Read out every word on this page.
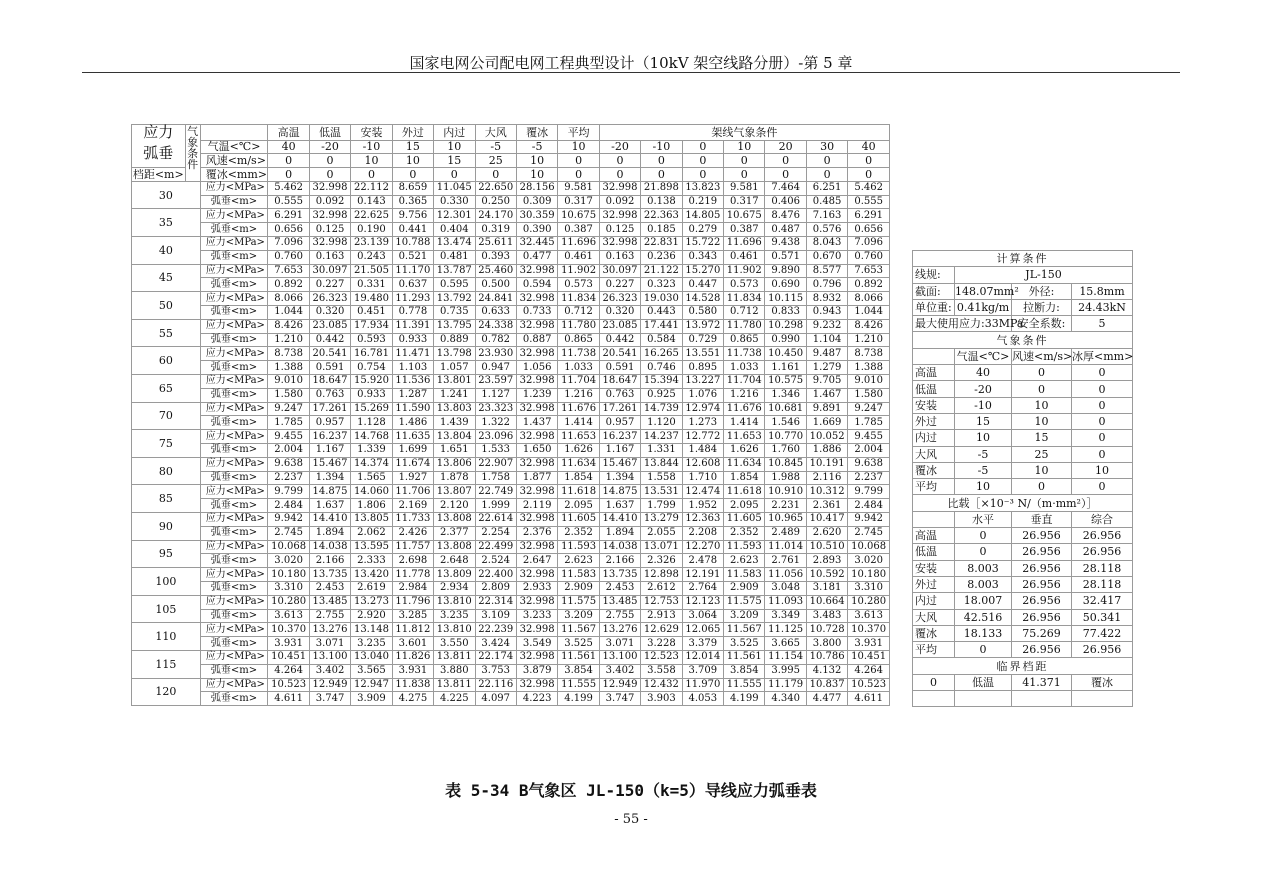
国家电网公司配电网工程典型设计（10kV 架空线路分册）-第 5 章
应力	气象条件		高温	低温	安装	外过	内过	大风	覆冰	平均	架线气象条件						
弧垂		气温<℃>	40	-20	-10	15	10	-5	-5	10	-20	-10	0	10	20	30	40
		风速<m/s>	0	0	10	10	15	25	10	0	0	0	0	0	0	0	0
档距<m>		覆冰<mm>	0	0	0	0	0	0	10	0	0	0	0	0	0	0	0
30		应力<MPa>	5.462	32.998	22.112	8.659	11.045	22.650	28.156	9.581	32.998	21.898	13.823	9.581	7.464	6.251	5.462
		弧垂<m>	0.555	0.092	0.143	0.365	0.330	0.250	0.309	0.317	0.092	0.138	0.219	0.317	0.406	0.485	0.555
35		应力<MPa>	6.291	32.998	22.625	9.756	12.301	24.170	30.359	10.675	32.998	22.363	14.805	10.675	8.476	7.163	6.291
		弧垂<m>	0.656	0.125	0.190	0.441	0.404	0.319	0.390	0.387	0.125	0.185	0.279	0.387	0.487	0.576	0.656
40		应力<MPa>	7.096	32.998	23.139	10.788	13.474	25.611	32.445	11.696	32.998	22.831	15.722	11.696	9.438	8.043	7.096
		弧垂<m>	0.760	0.163	0.243	0.521	0.481	0.393	0.477	0.461	0.163	0.236	0.343	0.461	0.571	0.670	0.760
45		应力<MPa>	7.653	30.097	21.505	11.170	13.787	25.460	32.998	11.902	30.097	21.122	15.270	11.902	9.890	8.577	7.653
		弧垂<m>	0.892	0.227	0.331	0.637	0.595	0.500	0.594	0.573	0.227	0.323	0.447	0.573	0.690	0.796	0.892
50		应力<MPa>	8.066	26.323	19.480	11.293	13.792	24.841	32.998	11.834	26.323	19.030	14.528	11.834	10.115	8.932	8.066
		弧垂<m>	1.044	0.320	0.451	0.778	0.735	0.633	0.733	0.712	0.320	0.443	0.580	0.712	0.833	0.943	1.044
55		应力<MPa>	8.426	23.085	17.934	11.391	13.795	24.338	32.998	11.780	23.085	17.441	13.972	11.780	10.298	9.232	8.426
		弧垂<m>	1.210	0.442	0.593	0.933	0.889	0.782	0.887	0.865	0.442	0.584	0.729	0.865	0.990	1.104	1.210
60		应力<MPa>	8.738	20.541	16.781	11.471	13.798	23.930	32.998	11.738	20.541	16.265	13.551	11.738	10.450	9.487	8.738
		弧垂<m>	1.388	0.591	0.754	1.103	1.057	0.947	1.056	1.033	0.591	0.746	0.895	1.033	1.161	1.279	1.388
65		应力<MPa>	9.010	18.647	15.920	11.536	13.801	23.597	32.998	11.704	18.647	15.394	13.227	11.704	10.575	9.705	9.010
		弧垂<m>	1.580	0.763	0.933	1.287	1.241	1.127	1.239	1.216	0.763	0.925	1.076	1.216	1.346	1.467	1.580
70		应力<MPa>	9.247	17.261	15.269	11.590	13.803	23.323	32.998	11.676	17.261	14.739	12.974	11.676	10.681	9.891	9.247
		弧垂<m>	1.785	0.957	1.128	1.486	1.439	1.322	1.437	1.414	0.957	1.120	1.273	1.414	1.546	1.669	1.785
75		应力<MPa>	9.455	16.237	14.768	11.635	13.804	23.096	32.998	11.653	16.237	14.237	12.772	11.653	10.770	10.052	9.455
		弧垂<m>	2.004	1.167	1.339	1.699	1.651	1.533	1.650	1.626	1.167	1.331	1.484	1.626	1.760	1.886	2.004
80		应力<MPa>	9.638	15.467	14.374	11.674	13.806	22.907	32.998	11.634	15.467	13.844	12.608	11.634	10.845	10.191	9.638
		弧垂<m>	2.237	1.394	1.565	1.927	1.878	1.758	1.877	1.854	1.394	1.558	1.710	1.854	1.988	2.116	2.237
85		应力<MPa>	9.799	14.875	14.060	11.706	13.807	22.749	32.998	11.618	14.875	13.531	12.474	11.618	10.910	10.312	9.799
		弧垂<m>	2.484	1.637	1.806	2.169	2.120	1.999	2.119	2.095	1.637	1.799	1.952	2.095	2.231	2.361	2.484
90		应力<MPa>	9.942	14.410	13.805	11.733	13.808	22.614	32.998	11.605	14.410	13.279	12.363	11.605	10.965	10.417	9.942
		弧垂<m>	2.745	1.894	2.062	2.426	2.377	2.254	2.376	2.352	1.894	2.055	2.208	2.352	2.489	2.620	2.745
95		应力<MPa>	10.068	14.038	13.595	11.757	13.808	22.499	32.998	11.593	14.038	13.071	12.270	11.593	11.014	10.510	10.068
		弧垂<m>	3.020	2.166	2.333	2.698	2.648	2.524	2.647	2.623	2.166	2.326	2.478	2.623	2.761	2.893	3.020
100		应力<MPa>	10.180	13.735	13.420	11.778	13.809	22.400	32.998	11.583	13.735	12.898	12.191	11.583	11.056	10.592	10.180
		弧垂<m>	3.310	2.453	2.619	2.984	2.934	2.809	2.933	2.909	2.453	2.612	2.764	2.909	3.048	3.181	3.310
105		应力<MPa>	10.280	13.485	13.273	11.796	13.810	22.314	32.998	11.575	13.485	12.753	12.123	11.575	11.093	10.664	10.280
		弧垂<m>	3.613	2.755	2.920	3.285	3.235	3.109	3.233	3.209	2.755	2.913	3.064	3.209	3.349	3.483	3.613
110		应力<MPa>	10.370	13.276	13.148	11.812	13.810	22.239	32.998	11.567	13.276	12.629	12.065	11.567	11.125	10.728	10.370
		弧垂<m>	3.931	3.071	3.235	3.601	3.550	3.424	3.549	3.525	3.071	3.228	3.379	3.525	3.665	3.800	3.931
115		应力<MPa>	10.451	13.100	13.040	11.826	13.811	22.174	32.998	11.561	13.100	12.523	12.014	11.561	11.154	10.786	10.451
		弧垂<m>	4.264	3.402	3.565	3.931	3.880	3.753	3.879	3.854	3.402	3.558	3.709	3.854	3.995	4.132	4.264
120		应力<MPa>	10.523	12.949	12.947	11.838	13.811	22.116	32.998	11.555	12.949	12.432	11.970	11.555	11.179	10.837	10.523
		弧垂<m>	4.611	3.747	3.909	4.275	4.225	4.097	4.223	4.199	3.747	3.903	4.053	4.199	4.340	4.477	4.611
计算条件			
线规:	JL-150		
截面:	148.07mm²	外径:	15.8mm
单位重:	0.41kg/m	拉断力:	24.43kN
最大使用应力:33MPa		安全系数:	5
气象条件			
	气温<℃>	风速<m/s>	冰厚<mm>
高温	40	0	0
低温	-20	0	0
安装	-10	10	0
外过	15	10	0
内过	10	15	0
大风	-5	25	0
覆冰	-5	10	10
平均	10	0	0
比载［×10⁻³ N/（m·mm²）］			
	水平	垂直	综合
高温	0	26.956	26.956
低温	0	26.956	26.956
安装	8.003	26.956	28.118
外过	8.003	26.956	28.118
内过	18.007	26.956	32.417
大风	42.516	26.956	50.341
覆冰	18.133	75.269	77.422
平均	0	26.956	26.956
临界档距			
0	低温	41.371	覆冰

表 5-34 B气象区 JL-150（k=5）导线应力弧垂表
- 55 -
